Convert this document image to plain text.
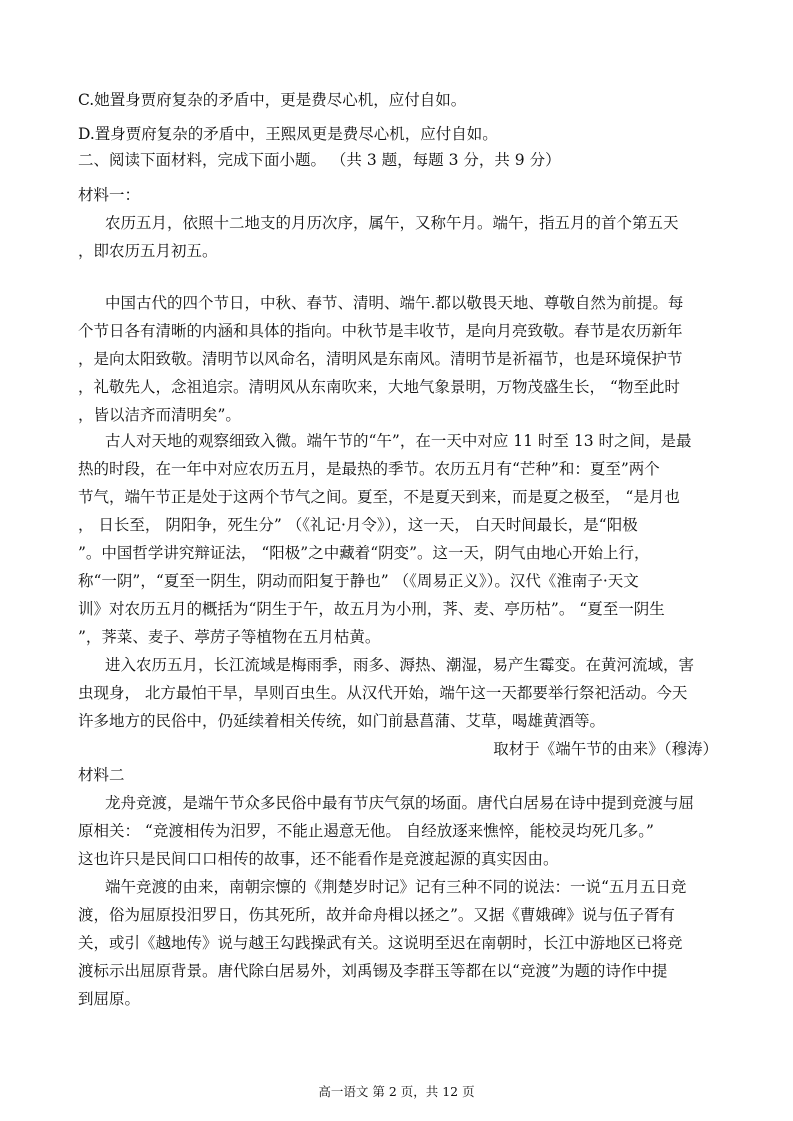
C.她置身贾府复杂的矛盾中，更是费尽心机，应付自如。
D.置身贾府复杂的矛盾中，王熙凤更是费尽心机，应付自如。
二、阅读下面材料，完成下面小题。 （共 3 题，每题 3 分，共 9 分）
材料一：
农历五月，依照十二地支的月历次序，属午，又称午月。端午，指五月的首个第五天
，即农历五月初五。
中国古代的四个节日，中秋、春节、清明、端午.都以敬畏天地、尊敬自然为前提。每
个节日各有清晰的内涵和具体的指向。中秋节是丰收节，是向月亮致敬。春节是农历新年
，是向太阳致敬。清明节以风命名，清明风是东南风。清明节是祈福节，也是环境保护节
，礼敬先人，念祖追宗。清明风从东南吹来，大地气象景明，万物茂盛生长， “物至此时
，皆以洁齐而清明矣”。
古人对天地的观察细致入微。端午节的“午”，在一天中对应 11 时至 13 时之间，是最
热的时段，在一年中对应农历五月，是最热的季节。农历五月有“芒种”和：夏至”两个
节气，端午节正是处于这两个节气之间。夏至，不是夏天到来，而是夏之极至， “是月也
， 日长至， 阴阳争，死生分” （《礼记·月令》），这一天， 白天时间最长，是“阳极
”。中国哲学讲究辩证法， “阳极”之中藏着“阴变”。这一天，阴气由地心开始上行，
称“一阴”，“夏至一阴生，阴动而阳复于静也” （《周易正义》）。汉代《淮南子·天文
训》对农历五月的概括为“阴生于午，故五月为小刑，荠、麦、亭历枯”。 “夏至一阴生
”，荠菜、麦子、葶苈子等植物在五月枯黄。
进入农历五月，长江流域是梅雨季，雨多、溽热、潮湿，易产生霉变。在黄河流域，害
虫现身， 北方最怕干旱，旱则百虫生。从汉代开始，端午这一天都要举行祭祀活动。今天
许多地方的民俗中，仍延续着相关传统，如门前悬菖蒲、艾草，喝雄黄酒等。
取材于《端午节的由来》（穆涛）
材料二
龙舟竞渡，是端午节众多民俗中最有节庆气氛的场面。唐代白居易在诗中提到竞渡与屈
原相关： “竞渡相传为汨罗，不能止遏意无他。 自经放逐来憔悴，能校灵均死几多。”
这也许只是民间口口相传的故事，还不能看作是竞渡起源的真实因由。
端午竞渡的由来，南朝宗懔的《荆楚岁时记》记有三种不同的说法：一说“五月五日竞
渡，俗为屈原投汨罗日，伤其死所，故并命舟楫以拯之”。又据《曹娥碑》说与伍子胥有
关，或引《越地传》说与越王勾践操武有关。这说明至迟在南朝时，长江中游地区已将竞
渡标示出屈原背景。唐代除白居易外，刘禹锡及李群玉等都在以“竞渡”为题的诗作中提
到屈原。
高一语文 第 2 页，共 12 页
